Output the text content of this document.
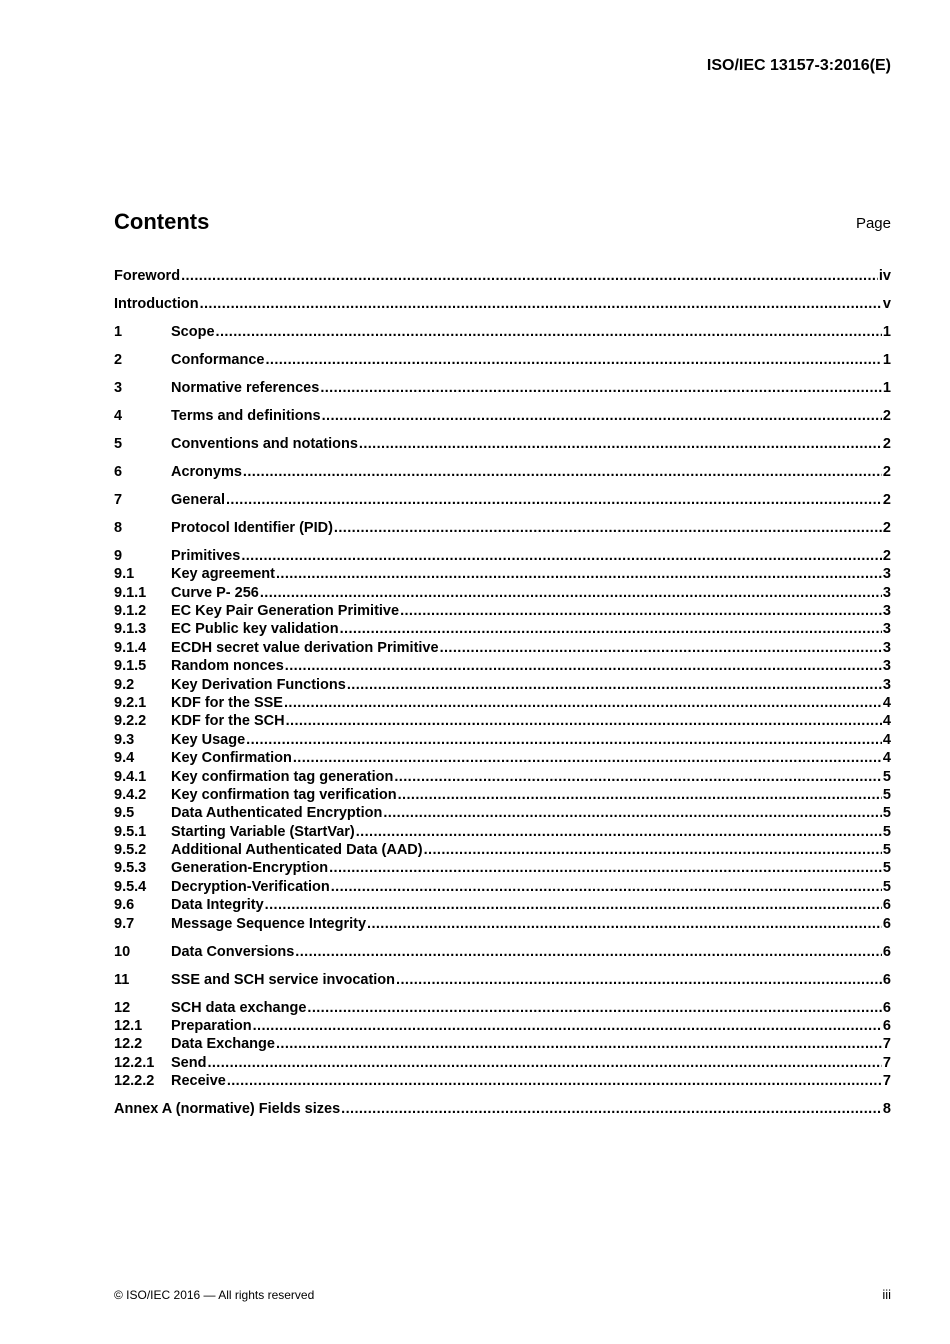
ISO/IEC 13157-3:2016(E)
Contents	Page
Foreword .....	iv
Introduction .....	v
1	Scope .....	1
2	Conformance .....	1
3	Normative references .....	1
4	Terms and definitions .....	2
5	Conventions and notations .....	2
6	Acronyms .....	2
7	General .....	2
8	Protocol Identifier (PID) .....	2
9	Primitives .....	2
9.1	Key agreement .....	3
9.1.1	Curve P- 256 .....	3
9.1.2	EC Key Pair Generation Primitive .....	3
9.1.3	EC Public key validation .....	3
9.1.4	ECDH secret value derivation Primitive .....	3
9.1.5	Random nonces .....	3
9.2	Key Derivation Functions .....	3
9.2.1	KDF for the SSE .....	4
9.2.2	KDF for the SCH .....	4
9.3	Key Usage .....	4
9.4	Key Confirmation .....	4
9.4.1	Key confirmation tag generation .....	5
9.4.2	Key confirmation tag verification .....	5
9.5	Data Authenticated Encryption .....	5
9.5.1	Starting Variable (StartVar) .....	5
9.5.2	Additional Authenticated Data (AAD) .....	5
9.5.3	Generation-Encryption .....	5
9.5.4	Decryption-Verification .....	5
9.6	Data Integrity .....	6
9.7	Message Sequence Integrity .....	6
10	Data Conversions .....	6
11	SSE and SCH service invocation .....	6
12	SCH data exchange .....	6
12.1	Preparation .....	6
12.2	Data Exchange .....	7
12.2.1	Send .....	7
12.2.2	Receive .....	7
Annex A (normative) Fields sizes .....	8
© ISO/IEC 2016 — All rights reserved	iii
